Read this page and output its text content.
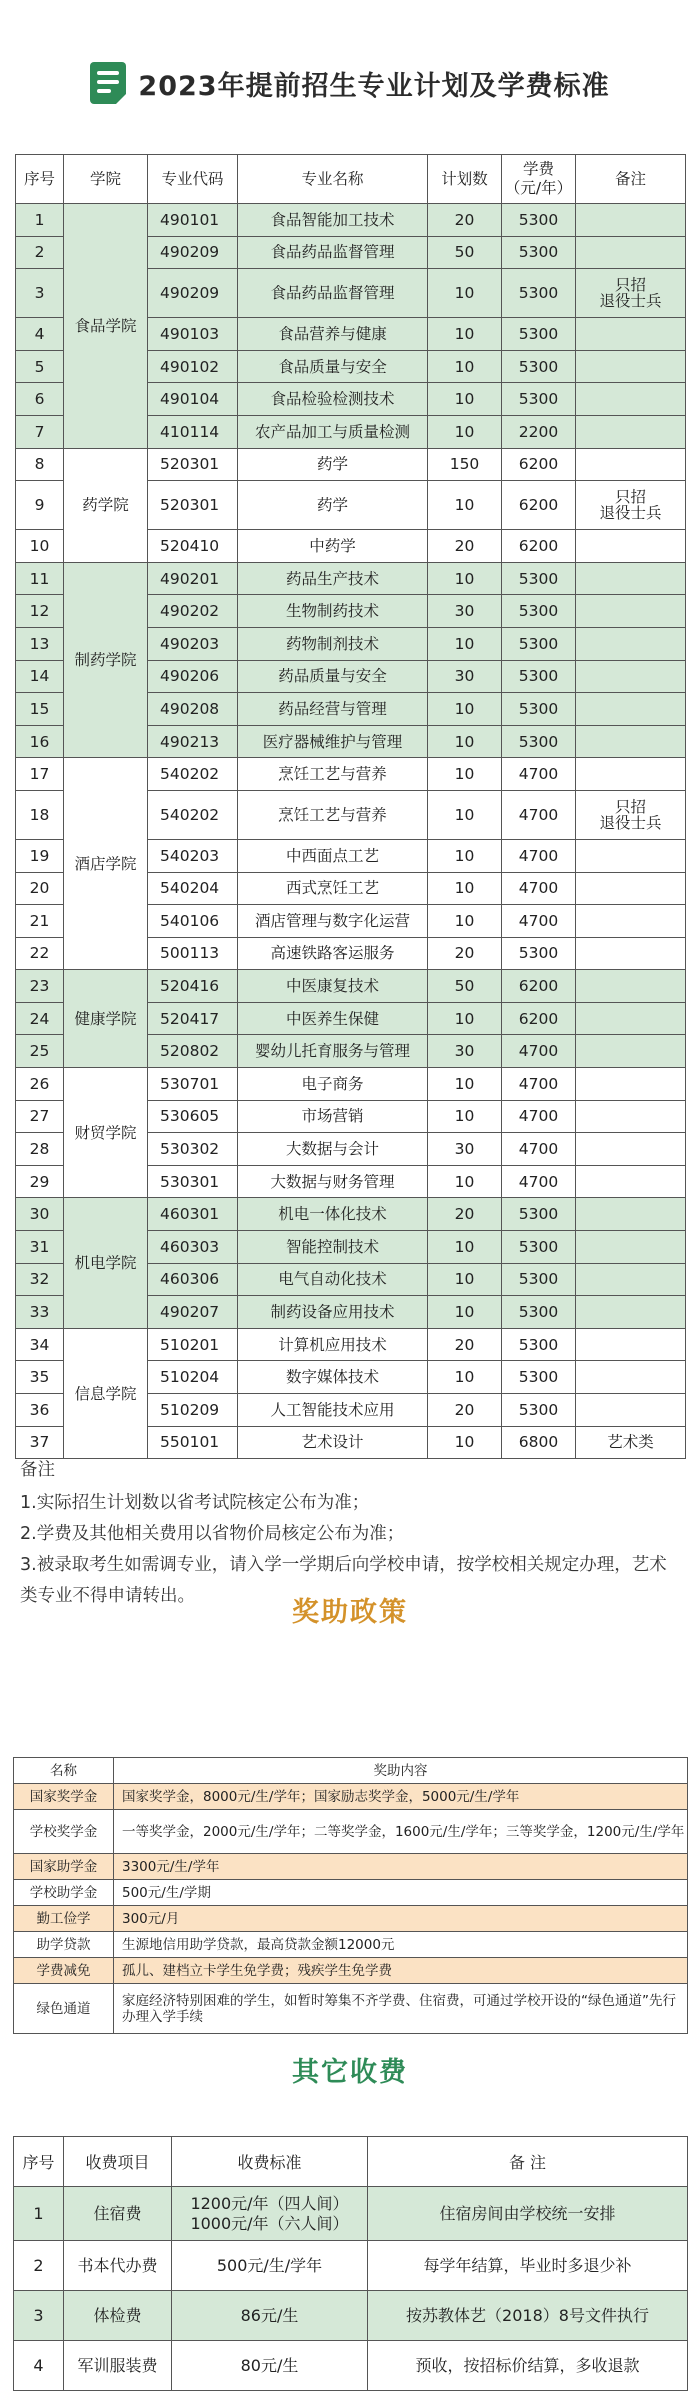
2023年提前招生专业计划及学费标准
序号	学院	专业代码	专业名称	计划数	学费
（元/年）	备注
1	食品学院	490101	食品智能加工技术	20	5300	
2		490209	食品药品监督管理	50	5300	
3		490209	食品药品监督管理	10	5300	只招
退役士兵
4		490103	食品营养与健康	10	5300	
5		490102	食品质量与安全	10	5300	
6		490104	食品检验检测技术	10	5300	
7		410114	农产品加工与质量检测	10	2200	
8	药学院	520301	药学	150	6200	
9		520301	药学	10	6200	只招
退役士兵
10		520410	中药学	20	6200	
11	制药学院	490201	药品生产技术	10	5300	
12		490202	生物制药技术	30	5300	
13		490203	药物制剂技术	10	5300	
14		490206	药品质量与安全	30	5300	
15		490208	药品经营与管理	10	5300	
16		490213	医疗器械维护与管理	10	5300	
17	酒店学院	540202	烹饪工艺与营养	10	4700	
18		540202	烹饪工艺与营养	10	4700	只招
退役士兵
19		540203	中西面点工艺	10	4700	
20		540204	西式烹饪工艺	10	4700	
21		540106	酒店管理与数字化运营	10	4700	
22		500113	高速铁路客运服务	20	5300	
23	健康学院	520416	中医康复技术	50	6200	
24		520417	中医养生保健	10	6200	
25		520802	婴幼儿托育服务与管理	30	4700	
26	财贸学院	530701	电子商务	10	4700	
27		530605	市场营销	10	4700	
28		530302	大数据与会计	30	4700	
29		530301	大数据与财务管理	10	4700	
30	机电学院	460301	机电一体化技术	20	5300	
31		460303	智能控制技术	10	5300	
32		460306	电气自动化技术	10	5300	
33		490207	制药设备应用技术	10	5300	
34	信息学院	510201	计算机应用技术	20	5300	
35		510204	数字媒体技术	10	5300	
36		510209	人工智能技术应用	20	5300	
37		550101	艺术设计	10	6800	艺术类
备注
1.实际招生计划数以省考试院核定公布为准；
2.学费及其他相关费用以省物价局核定公布为准；
3.被录取考生如需调专业，请入学一学期后向学校申请，按学校相关规定办理，艺术类专业不得申请转出。
奖助政策
名称	奖助内容
国家奖学金	国家奖学金，8000元/生/学年；国家励志奖学金，5000元/生/学年
学校奖学金	一等奖学金，2000元/生/学年；二等奖学金，1600元/生/学年；三等奖学金，1200元/生/学年
国家助学金	3300元/生/学年
学校助学金	500元/生/学期
勤工俭学	300元/月
助学贷款	生源地信用助学贷款，最高贷款金额12000元
学费减免	孤儿、建档立卡学生免学费；残疾学生免学费
绿色通道	家庭经济特别困难的学生，如暂时筹集不齐学费、住宿费，可通过学校开设的“绿色通道”先行办理入学手续
其它收费
序号	收费项目	收费标准	备 注
1	住宿费	1200元/年（四人间）
1000元/年（六人间）	住宿房间由学校统一安排
2	书本代办费	500元/生/学年	每学年结算，毕业时多退少补
3	体检费	86元/生	按苏教体艺（2018）8号文件执行
4	军训服装费	80元/生	预收，按招标价结算，多收退款
